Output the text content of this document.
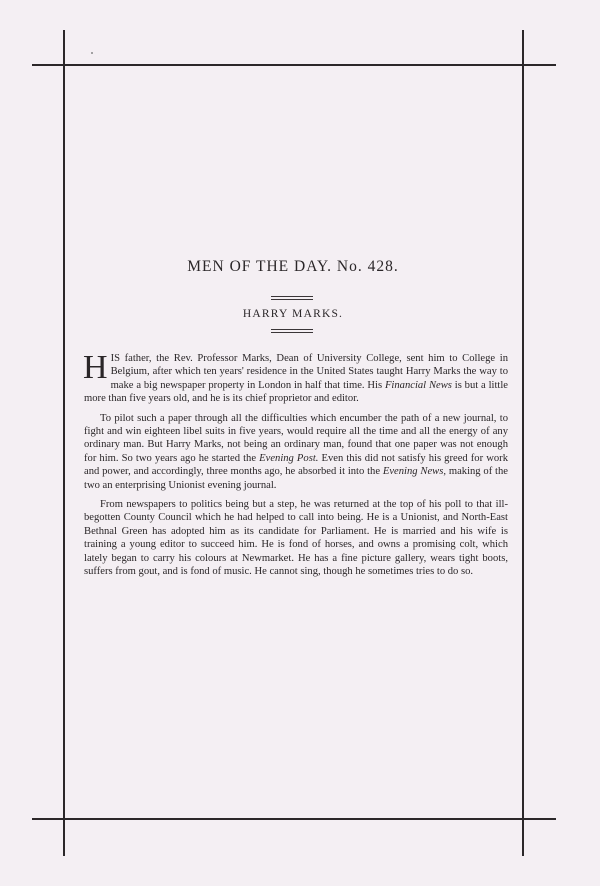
MEN OF THE DAY. No. 428.
HARRY MARKS.

HIS father, the Rev. Professor Marks, Dean of University College, sent him to College in Belgium, after which ten years' residence in the United States taught Harry Marks the way to make a big newspaper property in London in half that time. His Financial News is but a little more than five years old, and he is its chief proprietor and editor.

To pilot such a paper through all the difficulties which encumber the path of a new journal, to fight and win eighteen libel suits in five years, would require all the time and all the energy of any ordinary man. But Harry Marks, not being an ordinary man, found that one paper was not enough for him. So two years ago he started the Evening Post. Even this did not satisfy his greed for work and power, and accordingly, three months ago, he absorbed it into the Evening News, making of the two an enterprising Unionist evening journal.

From newspapers to politics being but a step, he was returned at the top of his poll to that ill-begotten County Council which he had helped to call into being. He is a Unionist, and North-East Bethnal Green has adopted him as its candidate for Parliament. He is married and his wife is training a young editor to succeed him. He is fond of horses, and owns a promising colt, which lately began to carry his colours at Newmarket. He has a fine picture gallery, wears tight boots, suffers from gout, and is fond of music. He cannot sing, though he sometimes tries to do so.
